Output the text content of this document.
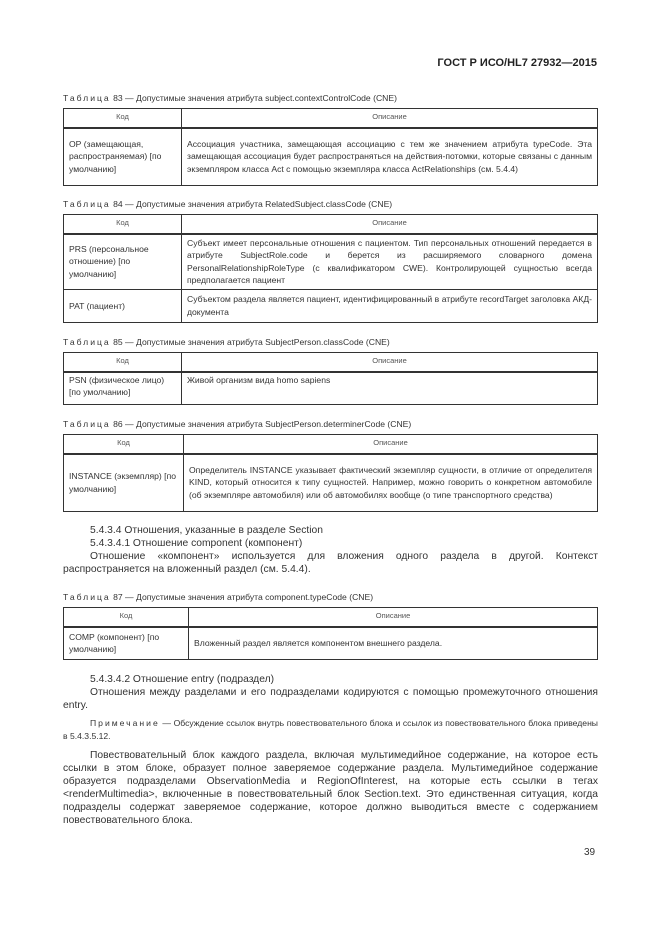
ГОСТ Р ИСО/HL7 27932—2015
Таблица 83 — Допустимые значения атрибута subject.contextControlCode (CNE)
Код	Описание
ОР (замещающая, распространяемая) [по умолчанию]	Ассоциация участника, замещающая ассоциацию с тем же значением атрибута typeCode. Эта замещающая ассоциация будет распространяться на действия-потомки, которые связаны с данным экземпляром класса Act с помощью экземпляра класса ActRelationships (см. 5.4.4)
Таблица 84 — Допустимые значения атрибута RelatedSubject.classCode (CNE)
Код	Описание
PRS (персональное отношение) [по умолчанию]	Субъект имеет персональные отношения с пациентом. Тип персональных отношений передается в атрибуте SubjectRole.code и берется из расширяемого словарного домена PersonalRelationshipRoleType (с квалификатором CWE). Контролирующей сущностью всегда предполагается пациент
PAT (пациент)	Субъектом раздела является пациент, идентифицированный в атрибуте recordTarget заголовка АКД-документа
Таблица 85 — Допустимые значения атрибута SubjectPerson.classCode (CNE)
Код	Описание
PSN (физическое лицо) [по умолчанию]	Живой организм вида homo sapiens
Таблица 86 — Допустимые значения атрибута SubjectPerson.determinerCode (CNE)
Код	Описание
INSTANCE (экземпляр) [по умолчанию]	Определитель INSTANCE указывает фактический экземпляр сущности, в отличие от определителя KIND, который относится к типу сущностей. Например, можно говорить о конкретном автомобиле (об экземпляре автомобиля) или об автомобилях вообще (о типе транспортного средства)
5.4.3.4 Отношения, указанные в разделе Section
5.4.3.4.1 Отношение component (компонент)
Отношение «компонент» используется для вложения одного раздела в другой. Контекст распространяется на вложенный раздел (см. 5.4.4).
Таблица 87 — Допустимые значения атрибута component.typeCode (CNE)
Код	Описание
COMP (компонент) [по умолчанию]	Вложенный раздел является компонентом внешнего раздела.
5.4.3.4.2 Отношение entry (подраздел)
Отношения между разделами и его подразделами кодируются с помощью промежуточного отношения entry.
Примечание — Обсуждение ссылок внутрь повествовательного блока и ссылок из повествовательного блока приведены в 5.4.3.5.12.
Повествовательный блок каждого раздела, включая мультимедийное содержание, на которое есть ссылки в этом блоке, образует полное заверяемое содержание раздела. Мультимедийное содержание образуется подразделами ObservationMedia и RegionOfInterest, на которые есть ссылки в тегах <renderMultimedia>, включенные в повествовательный блок Section.text. Это единственная ситуация, когда подразделы содержат заверяемое содержание, которое должно выводиться вместе с содержанием повествовательного блока.
39
